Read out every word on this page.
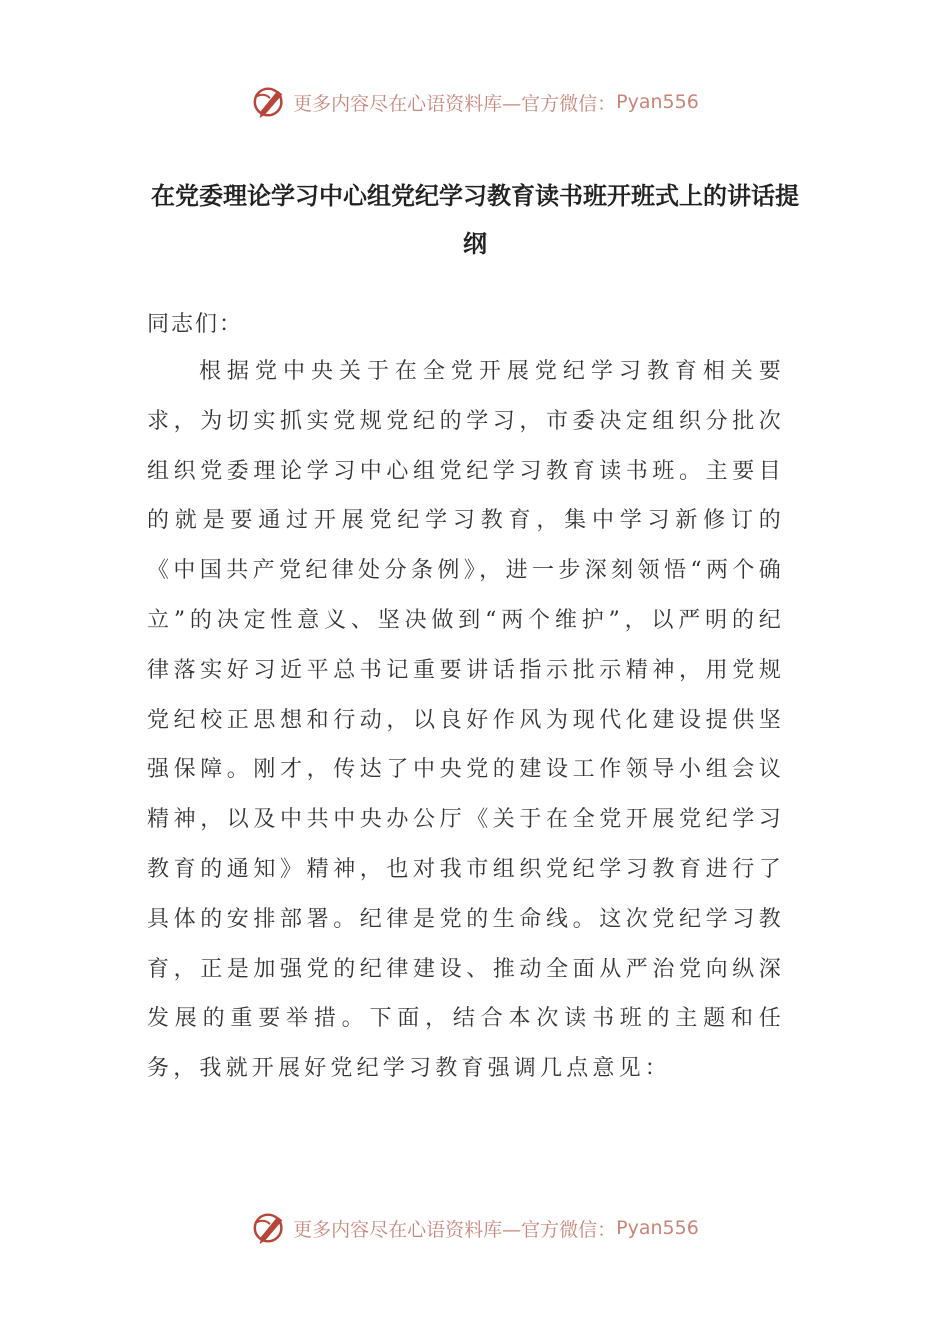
更多内容尽在心语资料库—官方微信： Pyan556
在党委理论学习中心组党纪学习教育读书班开班式上的讲话提纲
同志们：
根据党中央关于在全党开展党纪学习教育相关要求，为切实抓实党规党纪的学习，市委决定组织分批次组织党委理论学习中心组党纪学习教育读书班。主要目的就是要通过开展党纪学习教育，集中学习新修订的《中国共产党纪律处分条例》，进一步深刻领悟“两个确立”的决定性意义、坚决做到“两个维护”，以严明的纪律落实好习近平总书记重要讲话指示批示精神，用党规党纪校正思想和行动，以良好作风为现代化建设提供坚强保障。刚才，传达了中央党的建设工作领导小组会议精神，以及中共中央办公厅《关于在全党开展党纪学习教育的通知》精神，也对我市组织党纪学习教育进行了具体的安排部署。纪律是党的生命线。这次党纪学习教育，正是加强党的纪律建设、推动全面从严治党向纵深发展的重要举措。下面，结合本次读书班的主题和任务，我就开展好党纪学习教育强调几点意见：
更多内容尽在心语资料库—官方微信： Pyan556
